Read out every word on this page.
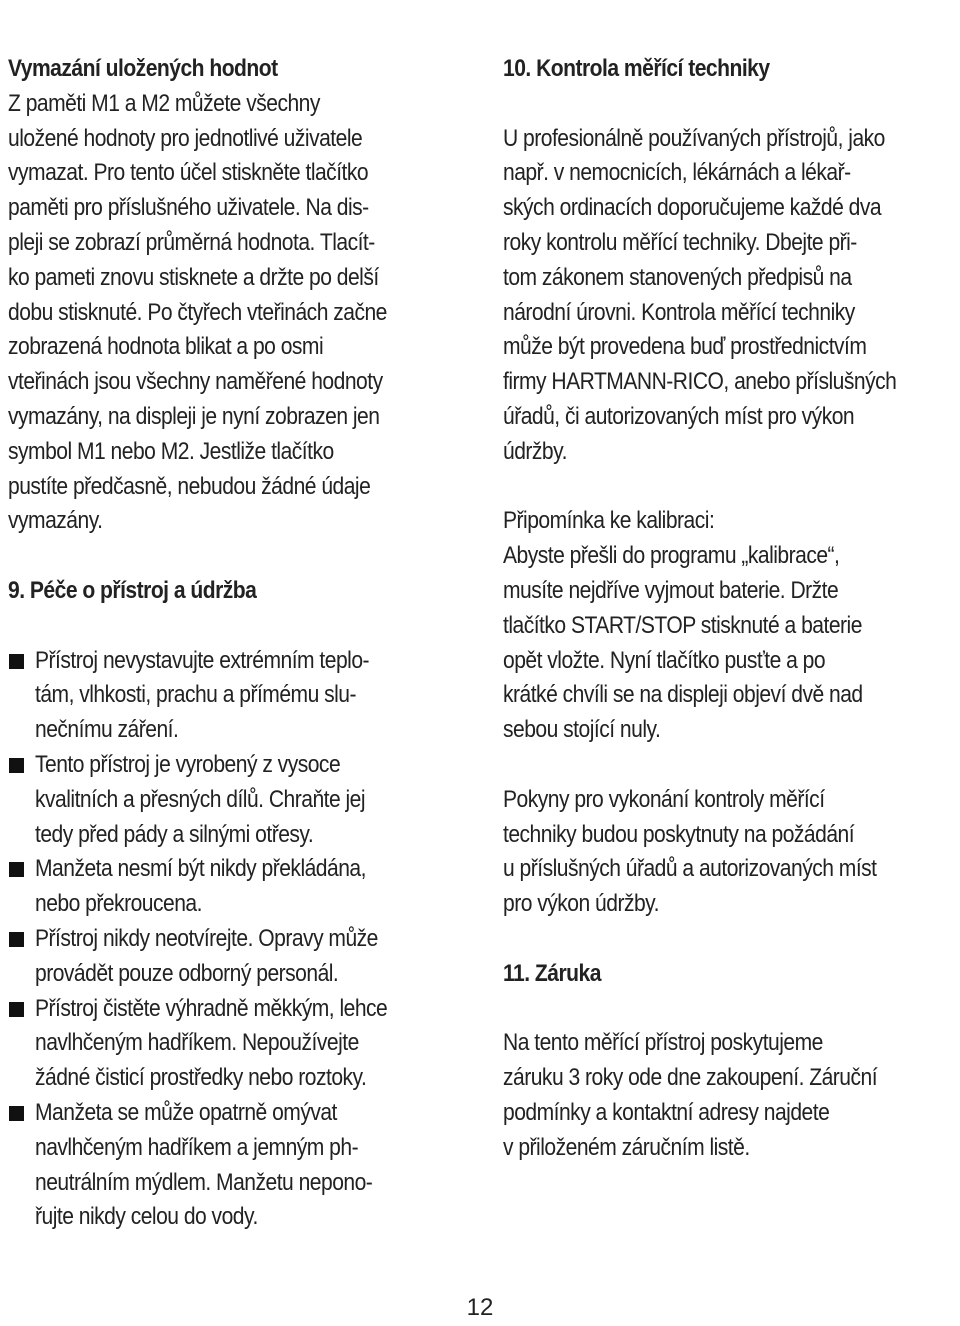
Vymazání uložených hodnot
Z paměti M1 a M2 můžete všechny
uložené hodnoty pro jednotlivé uživatele
vymazat. Pro tento účel stiskněte tlačítko
paměti pro příslušného uživatele. Na dis-
pleji se zobrazí průměrná hodnota. Tlacít-
ko pameti znovu stisknete a držte po delší
dobu stisknuté. Po čtyřech vteřinách začne
zobrazená hodnota blikat a po osmi
vteřinách jsou všechny naměřené hodnoty
vymazány, na displeji je nyní zobrazen jen
symbol M1 nebo M2. Jestliže tlačítko
pustíte předčasně, nebudou žádné údaje
vymazány.
9. Péče o přístroj a údržba
Přístroj nevystavujte extrémním teplo-
tám, vlhkosti, prachu a přímému slu-
nečnímu záření.
Tento přístroj je vyrobený z vysoce
kvalitních a přesných dílů. Chraňte jej
tedy před pády a silnými otřesy.
Manžeta nesmí být nikdy překládána,
nebo překroucena.
Přístroj nikdy neotvírejte. Opravy může
provádět pouze odborný personál.
Přístroj čistěte výhradně měkkým, lehce
navlhčeným hadříkem. Nepoužívejte
žádné čisticí prostředky nebo roztoky.
Manžeta se může opatrně omývat
navlhčeným hadříkem a jemným ph-
neutrálním mýdlem. Manžetu nepono-
řujte nikdy celou do vody.
10. Kontrola měřící techniky
U profesionálně používaných přístrojů, jako
např. v nemocnicích, lékárnách a lékař-
ských ordinacích doporučujeme každé dva
roky kontrolu měřící techniky. Dbejte při-
tom zákonem stanovených předpisů na
národní úrovni. Kontrola měřící techniky
může být provedena buď prostřednictvím
firmy HARTMANN-RICO, anebo příslušných
úřadů, či autorizovaných míst pro výkon
údržby.
Připomínka ke kalibraci:
Abyste přešli do programu „kalibrace“,
musíte nejdříve vyjmout baterie. Držte
tlačítko START/STOP stisknuté a baterie
opět vložte. Nyní tlačítko pusťte a po
krátké chvíli se na displeji objeví dvě nad
sebou stojící nuly.
Pokyny pro vykonání kontroly měřící
techniky budou poskytnuty na požádání
u příslušných úřadů a autorizovaných míst
pro výkon údržby.
11. Záruka
Na tento měřící přístroj poskytujeme
záruku 3 roky ode dne zakoupení. Záruční
podmínky a kontaktní adresy najdete
v přiloženém záručním listě.
12
